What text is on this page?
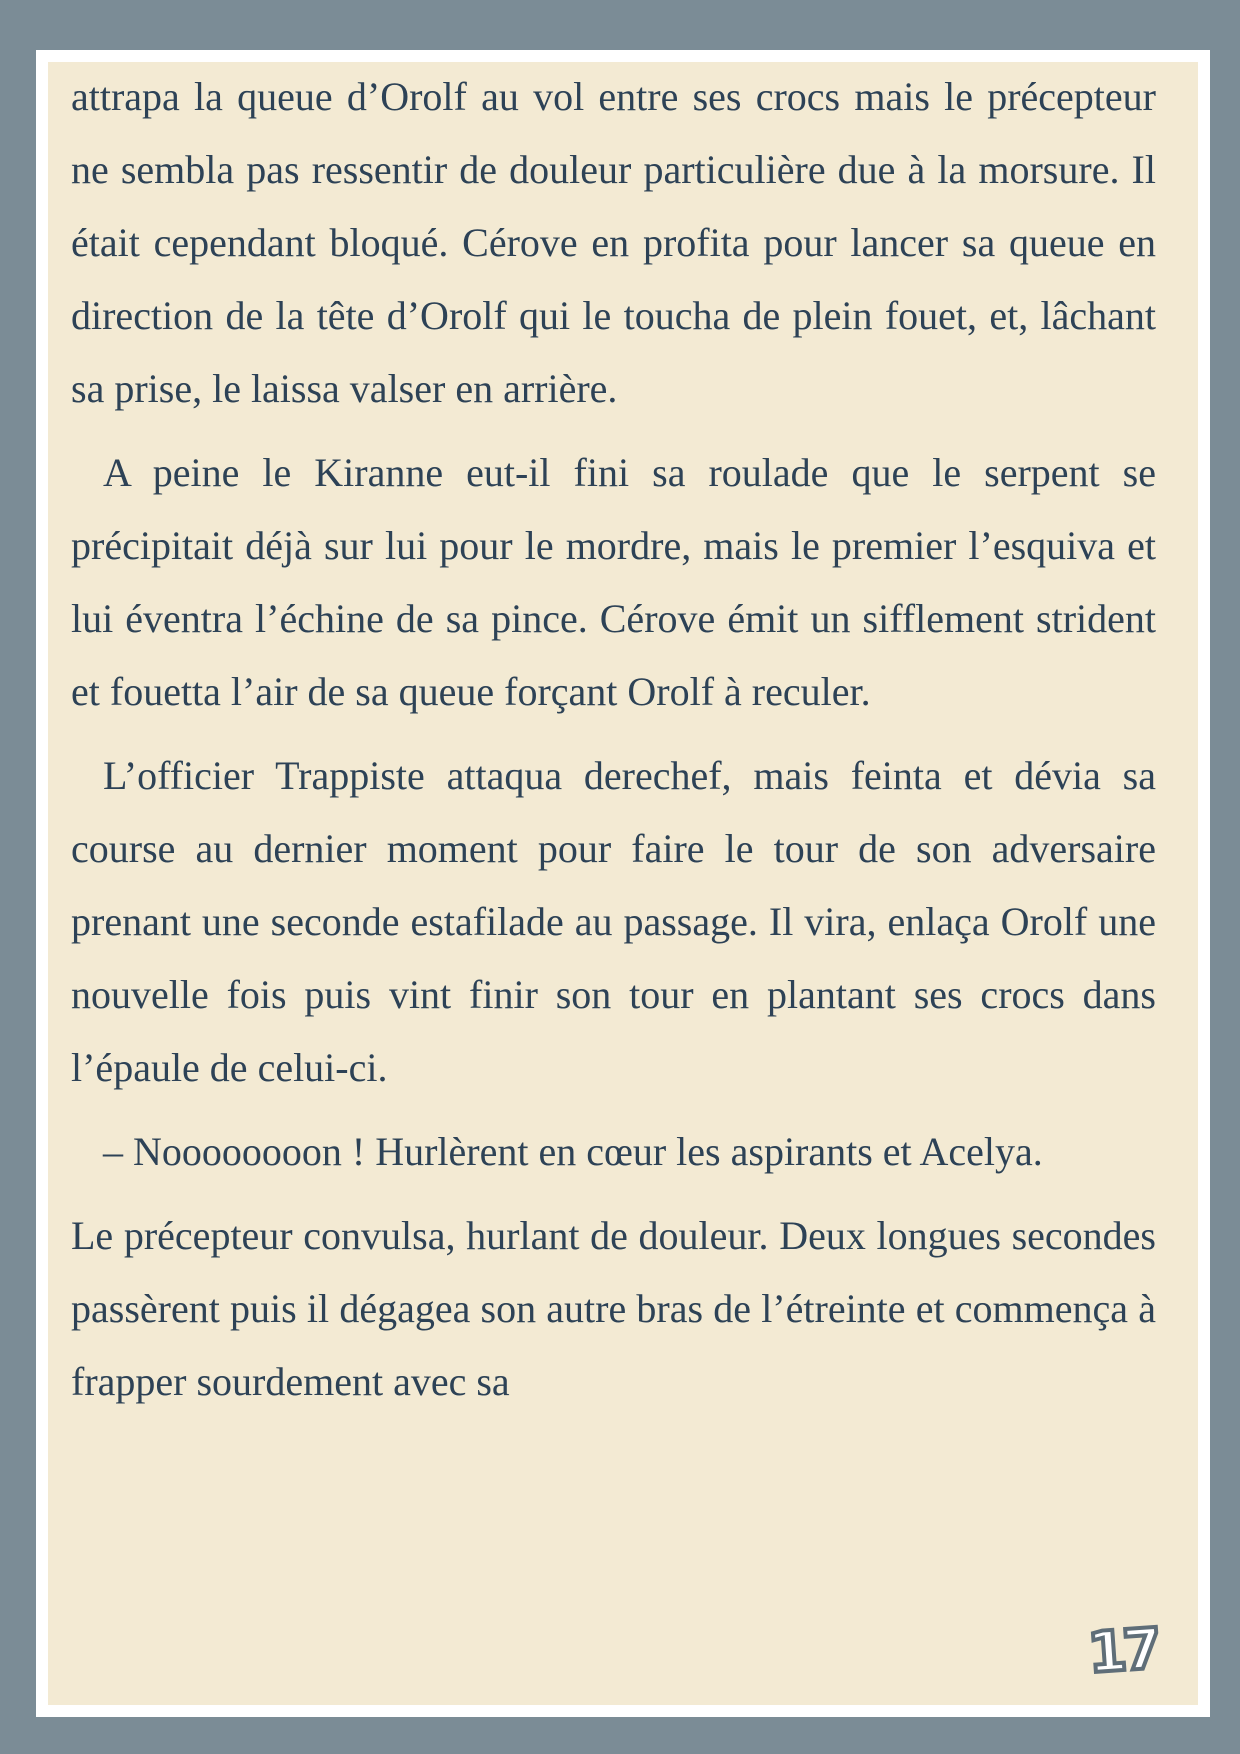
attrapa la queue d’Orolf au vol entre ses crocs mais le précepteur ne sembla pas ressentir de douleur particulière due à la morsure. Il était cependant bloqué. Cérove en profita pour lancer sa queue en direction de la tête d’Orolf qui le toucha de plein fouet, et, lâchant sa prise, le laissa valser en arrière.

A peine le Kiranne eut-il fini sa roulade que le serpent se précipitait déjà sur lui pour le mordre, mais le premier l’esquiva et lui éventra l’échine de sa pince. Cérove émit un sifflement strident et fouetta l’air de sa queue forçant Orolf à reculer.

L’officier Trappiste attaqua derechef, mais feinta et dévia sa course au dernier moment pour faire le tour de son adversaire prenant une seconde estafilade au passage. Il vira, enlaça Orolf une nouvelle fois puis vint finir son tour en plantant ses crocs dans l’épaule de celui-ci.

– Noooooooon ! Hurlèrent en cœur les aspirants et Acelya.

Le précepteur convulsa, hurlant de douleur. Deux longues secondes passèrent puis il dégagea son autre bras de l’étreinte et commença à frapper sourdement avec sa

17
